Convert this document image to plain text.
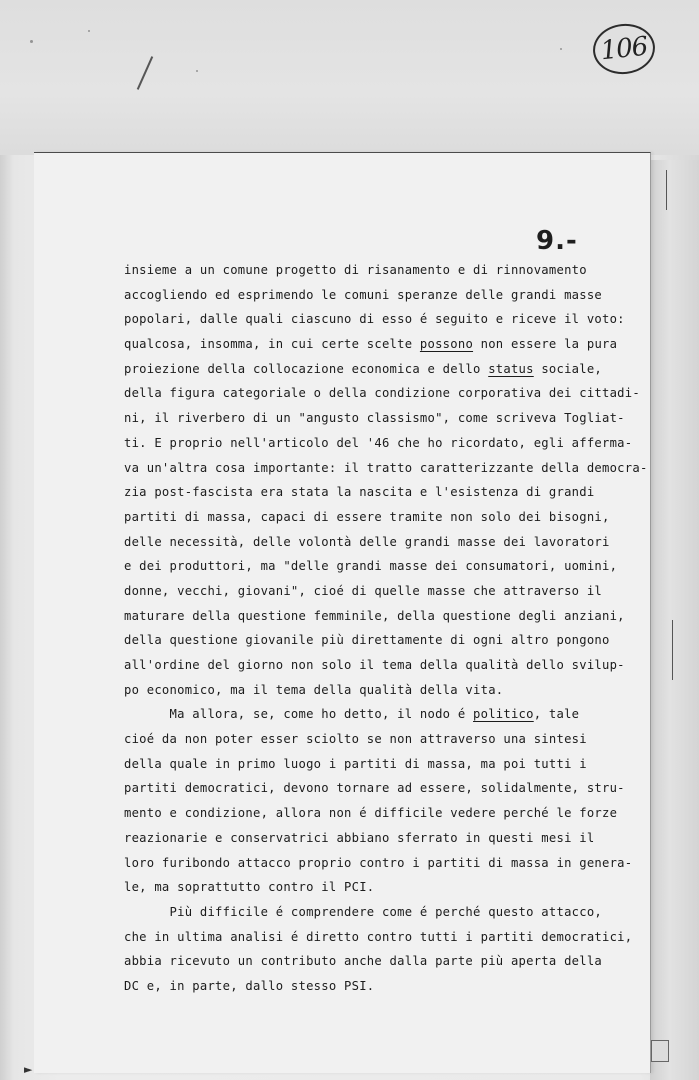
106
9.-
insieme a un comune progetto di risanamento e di rinnovamento
accogliendo ed esprimendo le comuni speranze delle grandi masse
popolari, dalle quali ciascuno di esso é seguito e riceve il voto:
qualcosa, insomma, in cui certe scelte possono non essere la pura
proiezione della collocazione economica e dello status sociale,
della figura categoriale o della condizione corporativa dei cittadi-
ni, il riverbero di un "angusto classismo", come scriveva Togliat-
ti. E proprio nell'articolo del '46 che ho ricordato, egli afferma-
va un'altra cosa importante: il tratto caratterizzante della democra-
zia post-fascista era stata la nascita e l'esistenza di grandi
partiti di massa, capaci di essere tramite non solo dei bisogni,
delle necessità, delle volontà delle grandi masse dei lavoratori
e dei produttori, ma "delle grandi masse dei consumatori, uomini,
donne, vecchi, giovani", cioé di quelle masse che attraverso il
maturare della questione femminile, della questione degli anziani,
della questione giovanile più direttamente di ogni altro pongono
all'ordine del giorno non solo il tema della qualità dello svilup-
po economico, ma il tema della qualità della vita.
Ma allora, se, come ho detto, il nodo é politico, tale
cioé da non poter esser sciolto se non attraverso una sintesi
della quale in primo luogo i partiti di massa, ma poi tutti i
partiti democratici, devono tornare ad essere, solidalmente, stru-
mento e condizione, allora non é difficile vedere perché le forze
reazionarie e conservatrici abbiano sferrato in questi mesi il
loro furibondo attacco proprio contro i partiti di massa in genera-
le, ma soprattutto contro il PCI.
Più difficile é comprendere come é perché questo attacco,
che in ultima analisi é diretto contro tutti i partiti democratici,
abbia ricevuto un contributo anche dalla parte più aperta della
DC e, in parte, dallo stesso PSI.
►
